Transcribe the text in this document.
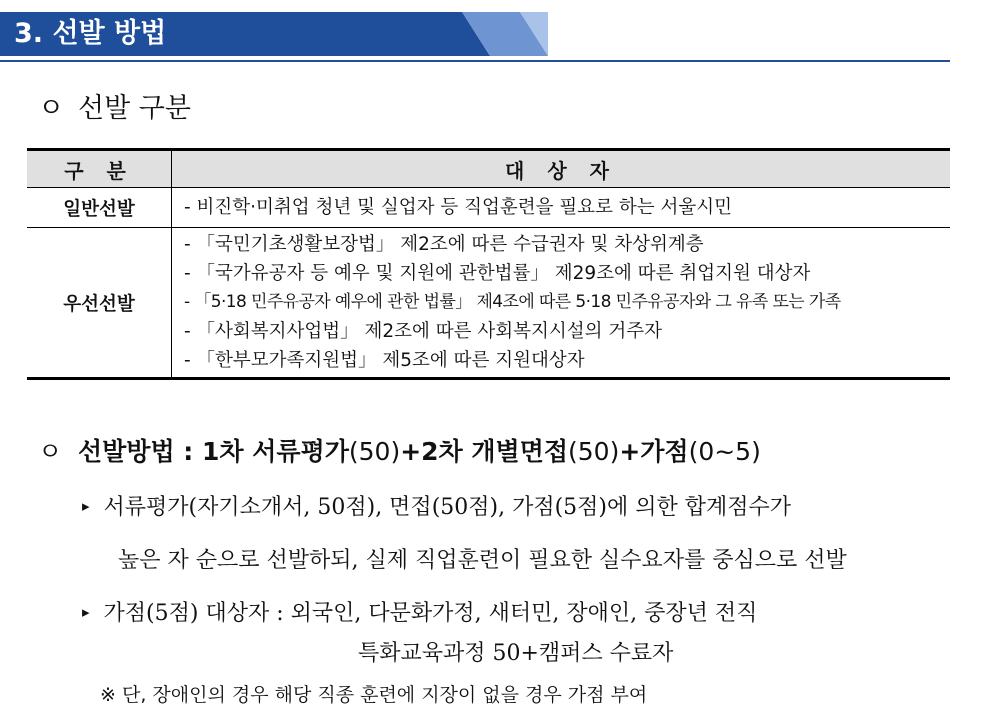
3. 선발 방법
ㅇ 선발 구분
구 분	대 상 자
일반선발	- 비진학·미취업 청년 및 실업자 등 직업훈련을 필요로 하는 서울시민

우선선발	- 「국민기초생활보장법」 제2조에 따른 수급권자 및 차상위계층
- 「국가유공자 등 예우 및 지원에 관한법률」 제29조에 따른 취업지원 대상자
- 「5·18 민주유공자 예우에 관한 법률」 제4조에 따른 5·18 민주유공자와 그 유족 또는 가족
- 「사회복지사업법」 제2조에 따른 사회복지시설의 거주자
- 「한부모가족지원법」 제5조에 따른 지원대상자
ㅇ 선발방법 : 1차 서류평가(50)+2차 개별면접(50)+가점(0~5)
▸ 서류평가(자기소개서, 50점), 면접(50점), 가점(5점)에 의한 합계점수가
높은 자 순으로 선발하되, 실제 직업훈련이 필요한 실수요자를 중심으로 선발
▸ 가점(5점) 대상자 : 외국인, 다문화가정, 새터민, 장애인, 중장년 전직
특화교육과정 50+캠퍼스 수료자
※ 단, 장애인의 경우 해당 직종 훈련에 지장이 없을 경우 가점 부여
